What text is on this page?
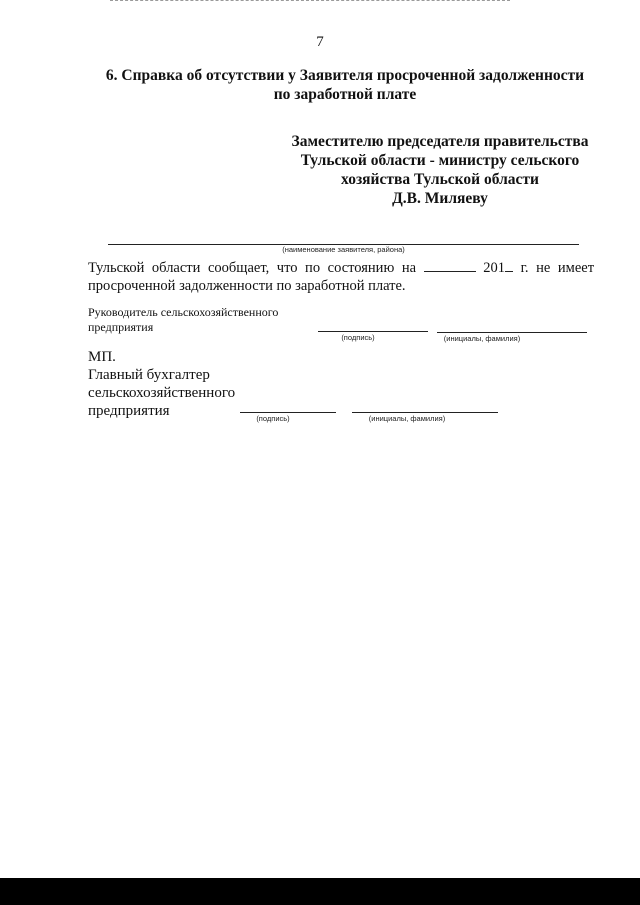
7
6. Справка об отсутствии у Заявителя просроченной задолженности
по заработной плате
Заместителю председателя правительства
Тульской области - министру сельского
хозяйства Тульской области
Д.В. Миляеву
(наименование заявителя, района)
Тульской области сообщает, что по состоянию на	201 г. не имеет
просроченной задолженности по заработной плате.
Руководитель сельскохозяйственного
предприятия
(подпись)	(инициалы, фамилия)
МП.
Главный бухгалтер
сельскохозяйственного
предприятия	(подпись)	(инициалы, фамилия)
